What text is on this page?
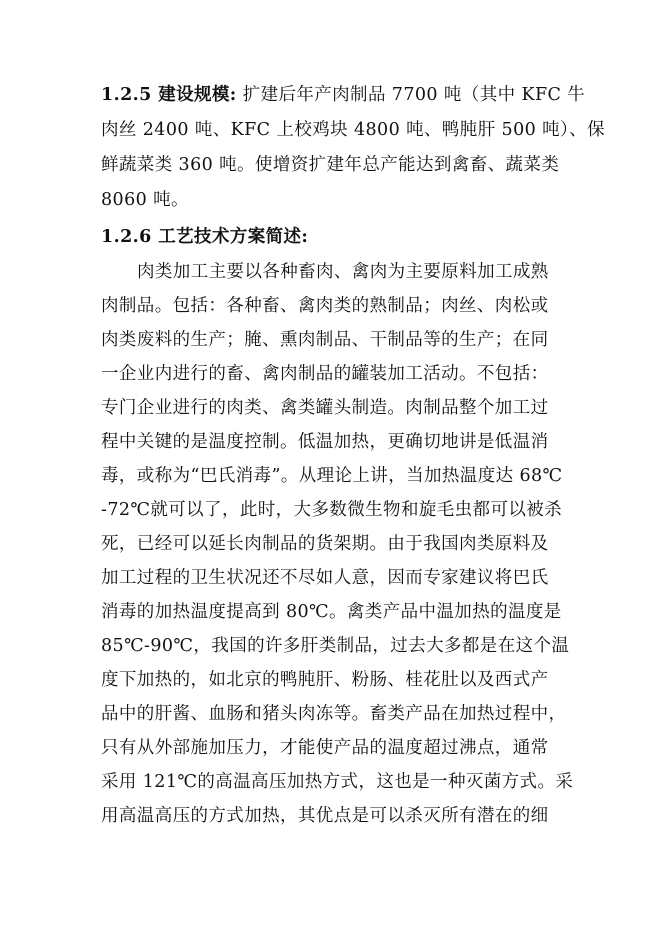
1.2.5 建设规模: 扩建后年产肉制品 7700 吨（其中 KFC 牛
肉丝 2400 吨、KFC 上校鸡块 4800 吨、鸭肫肝 500 吨）、保
鲜蔬菜类 360 吨。使增资扩建年总产能达到禽畜、蔬菜类
8060 吨。
1.2.6 工艺技术方案简述:
肉类加工主要以各种畜肉、禽肉为主要原料加工成熟
肉制品。包括：各种畜、禽肉类的熟制品；肉丝、肉松或
肉类废料的生产；腌、熏肉制品、干制品等的生产；在同
一企业内进行的畜、禽肉制品的罐装加工活动。不包括：
专门企业进行的肉类、禽类罐头制造。肉制品整个加工过
程中关键的是温度控制。低温加热，更确切地讲是低温消
毒，或称为“巴氏消毒”。从理论上讲，当加热温度达 68℃
-72℃就可以了，此时，大多数微生物和旋毛虫都可以被杀
死，已经可以延长肉制品的货架期。由于我国肉类原料及
加工过程的卫生状况还不尽如人意，因而专家建议将巴氏
消毒的加热温度提高到 80℃。禽类产品中温加热的温度是
85℃-90℃，我国的许多肝类制品，过去大多都是在这个温
度下加热的，如北京的鸭肫肝、粉肠、桂花肚以及西式产
品中的肝酱、血肠和猪头肉冻等。畜类产品在加热过程中，
只有从外部施加压力，才能使产品的温度超过沸点，通常
采用 121℃的高温高压加热方式，这也是一种灭菌方式。采
用高温高压的方式加热，其优点是可以杀灭所有潜在的细
